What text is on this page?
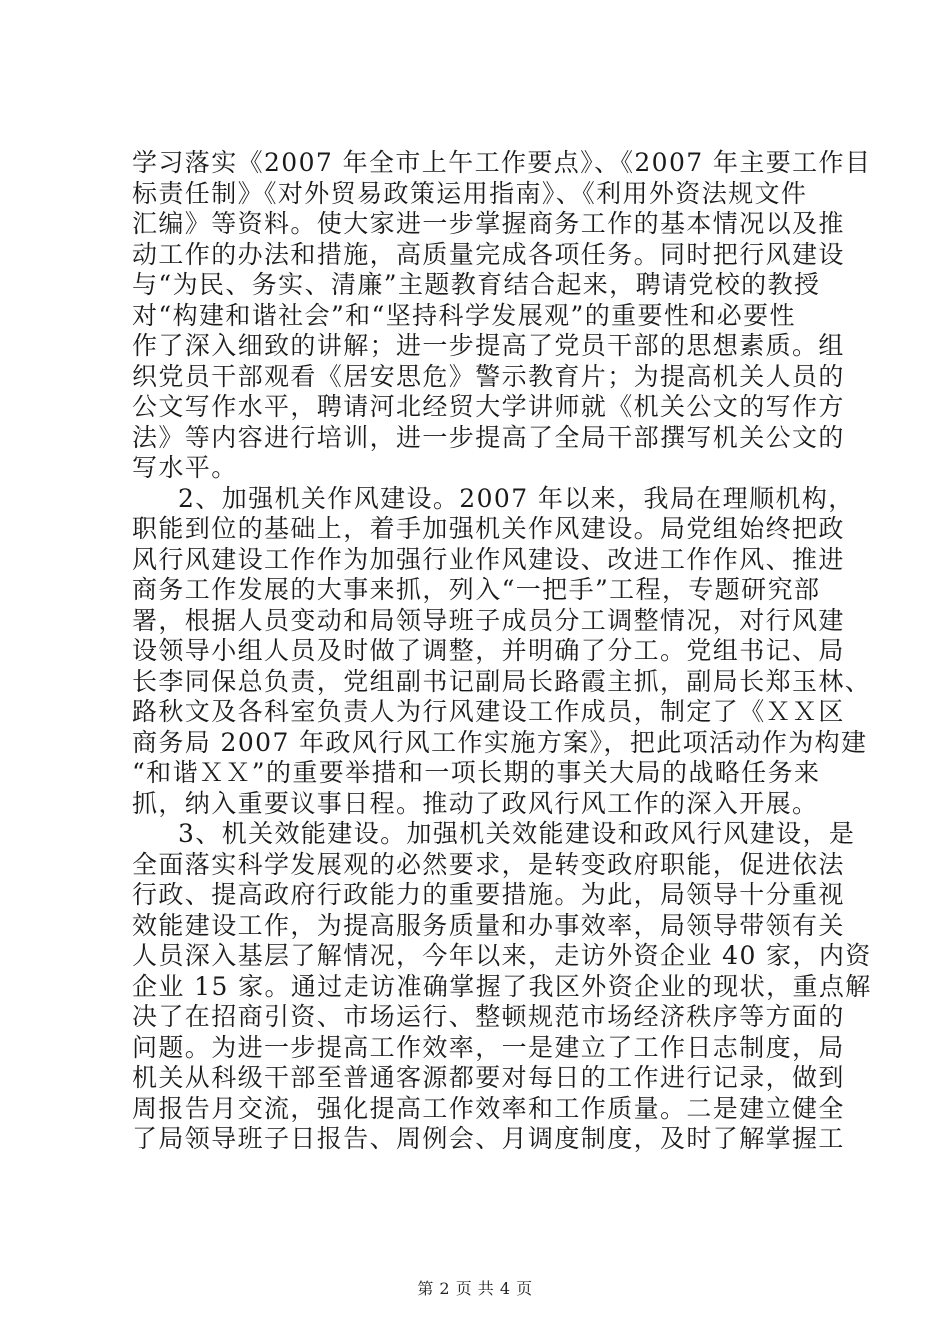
学习落实《2007 年全市上午工作要点》、《2007 年主要工作目
标责任制》《对外贸易政策运用指南》、《利用外资法规文件
汇编》等资料。使大家进一步掌握商务工作的基本情况以及推
动工作的办法和措施，高质量完成各项任务。同时把行风建设
与“为民、务实、清廉”主题教育结合起来，聘请党校的教授
对“构建和谐社会”和“坚持科学发展观”的重要性和必要性
作了深入细致的讲解；进一步提高了党员干部的思想素质。组
织党员干部观看《居安思危》警示教育片；为提高机关人员的
公文写作水平，聘请河北经贸大学讲师就《机关公文的写作方
法》等内容进行培训，进一步提高了全局干部撰写机关公文的
写水平。
2、加强机关作风建设。2007 年以来，我局在理顺机构，
职能到位的基础上，着手加强机关作风建设。局党组始终把政
风行风建设工作作为加强行业作风建设、改进工作作风、推进
商务工作发展的大事来抓，列入“一把手”工程，专题研究部
署，根据人员变动和局领导班子成员分工调整情况，对行风建
设领导小组人员及时做了调整，并明确了分工。党组书记、局
长李同保总负责，党组副书记副局长路霞主抓，副局长郑玉林、
路秋文及各科室负责人为行风建设工作成员，制定了《ＸＸ区
商务局 2007 年政风行风工作实施方案》，把此项活动作为构建
“和谐ＸＸ”的重要举措和一项长期的事关大局的战略任务来
抓，纳入重要议事日程。推动了政风行风工作的深入开展。
3、机关效能建设。加强机关效能建设和政风行风建设，是
全面落实科学发展观的必然要求，是转变政府职能，促进依法
行政、提高政府行政能力的重要措施。为此，局领导十分重视
效能建设工作，为提高服务质量和办事效率，局领导带领有关
人员深入基层了解情况，今年以来，走访外资企业 40 家，内资
企业 15 家。通过走访准确掌握了我区外资企业的现状，重点解
决了在招商引资、市场运行、整顿规范市场经济秩序等方面的
问题。为进一步提高工作效率，一是建立了工作日志制度，局
机关从科级干部至普通客源都要对每日的工作进行记录，做到
周报告月交流，强化提高工作效率和工作质量。二是建立健全
了局领导班子日报告、周例会、月调度制度，及时了解掌握工
第 2 页 共 4 页
